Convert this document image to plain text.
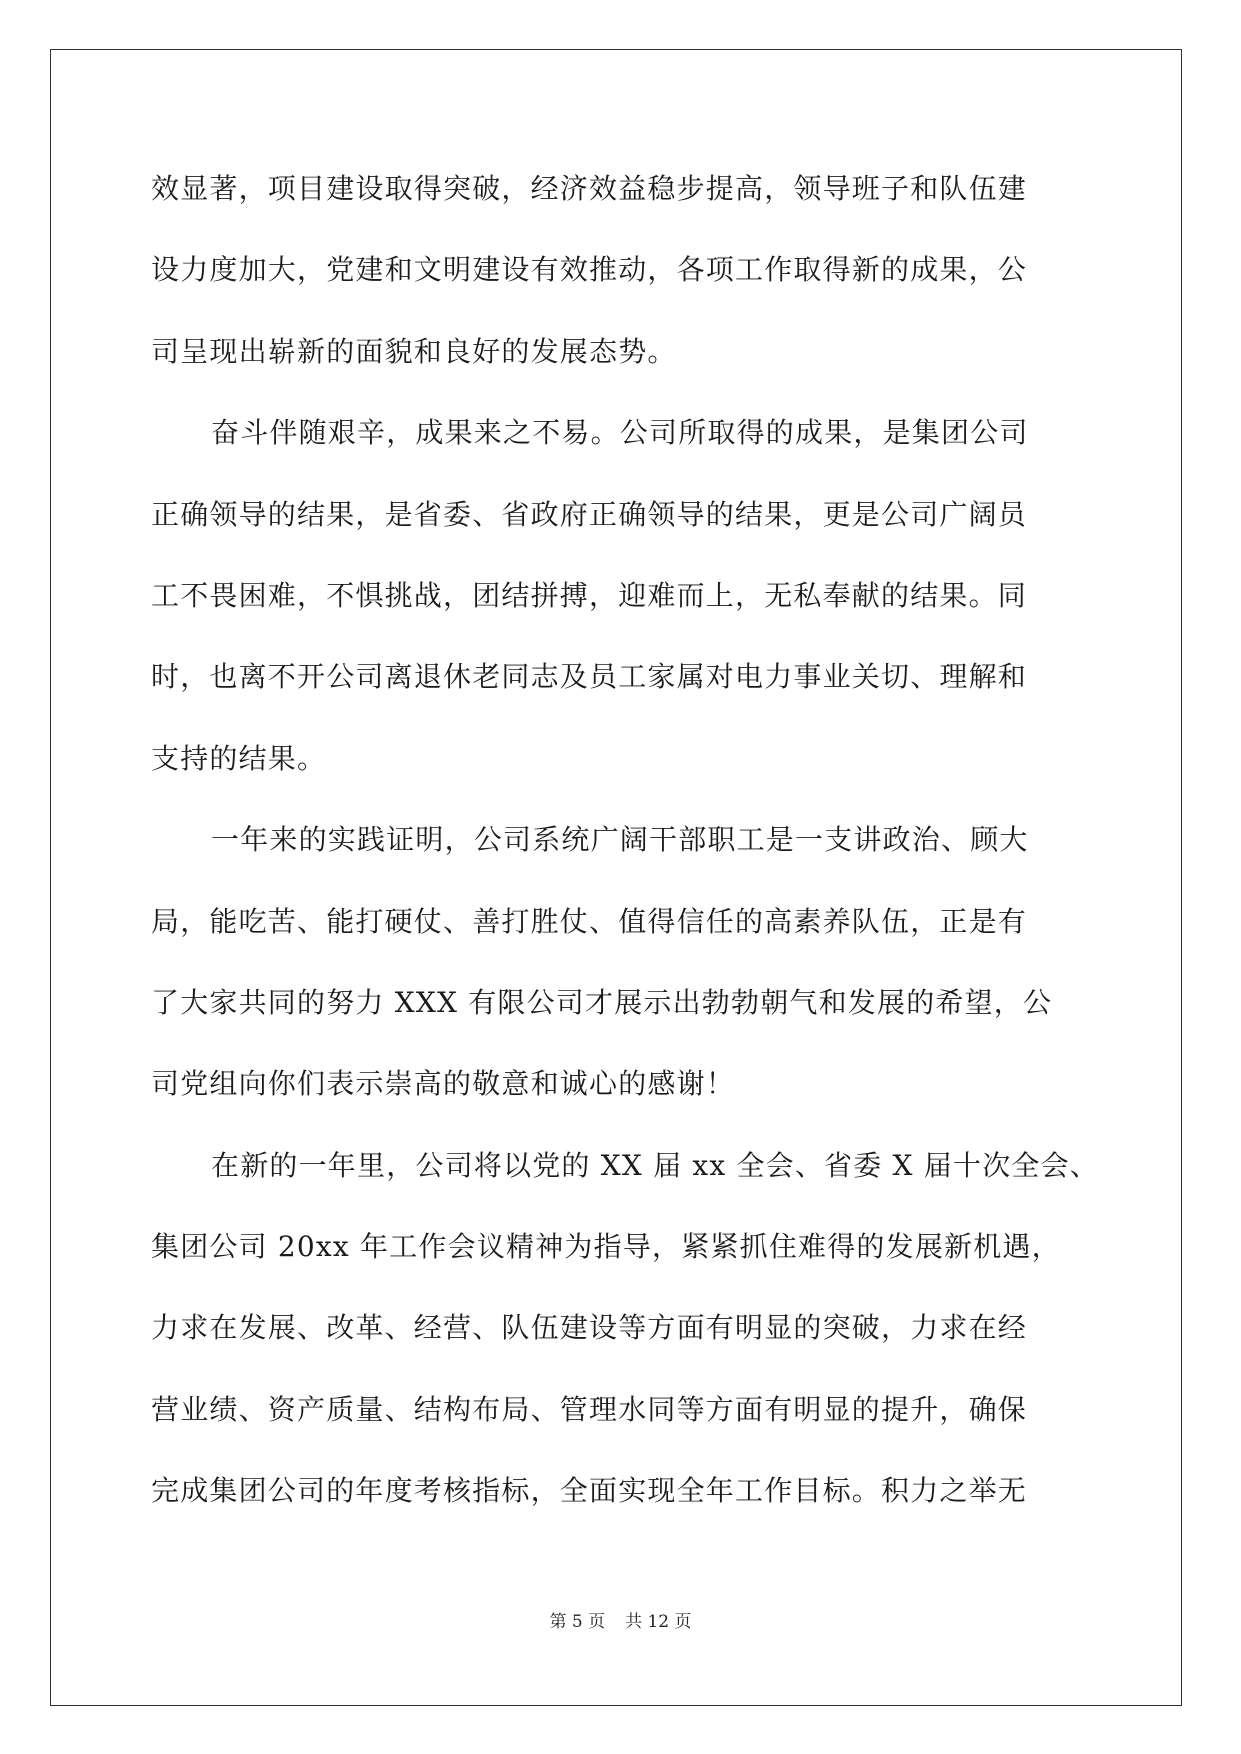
效显著，项目建设取得突破，经济效益稳步提高，领导班子和队伍建
设力度加大，党建和文明建设有效推动，各项工作取得新的成果，公
司呈现出崭新的面貌和良好的发展态势。
奋斗伴随艰辛，成果来之不易。公司所取得的成果，是集团公司
正确领导的结果，是省委、省政府正确领导的结果，更是公司广阔员
工不畏困难，不惧挑战，团结拼搏，迎难而上，无私奉献的结果。同
时，也离不开公司离退休老同志及员工家属对电力事业关切、理解和
支持的结果。
一年来的实践证明，公司系统广阔干部职工是一支讲政治、顾大
局，能吃苦、能打硬仗、善打胜仗、值得信任的高素养队伍，正是有
了大家共同的努力 XXX 有限公司才展示出勃勃朝气和发展的希望，公
司党组向你们表示崇高的敬意和诚心的感谢！
在新的一年里，公司将以党的 XX 届 xx 全会、省委 X 届十次全会、
集团公司 20xx 年工作会议精神为指导，紧紧抓住难得的发展新机遇，
力求在发展、改革、经营、队伍建设等方面有明显的突破，力求在经
营业绩、资产质量、结构布局、管理水同等方面有明显的提升，确保
完成集团公司的年度考核指标，全面实现全年工作目标。积力之举无
第 5 页 共 12 页
